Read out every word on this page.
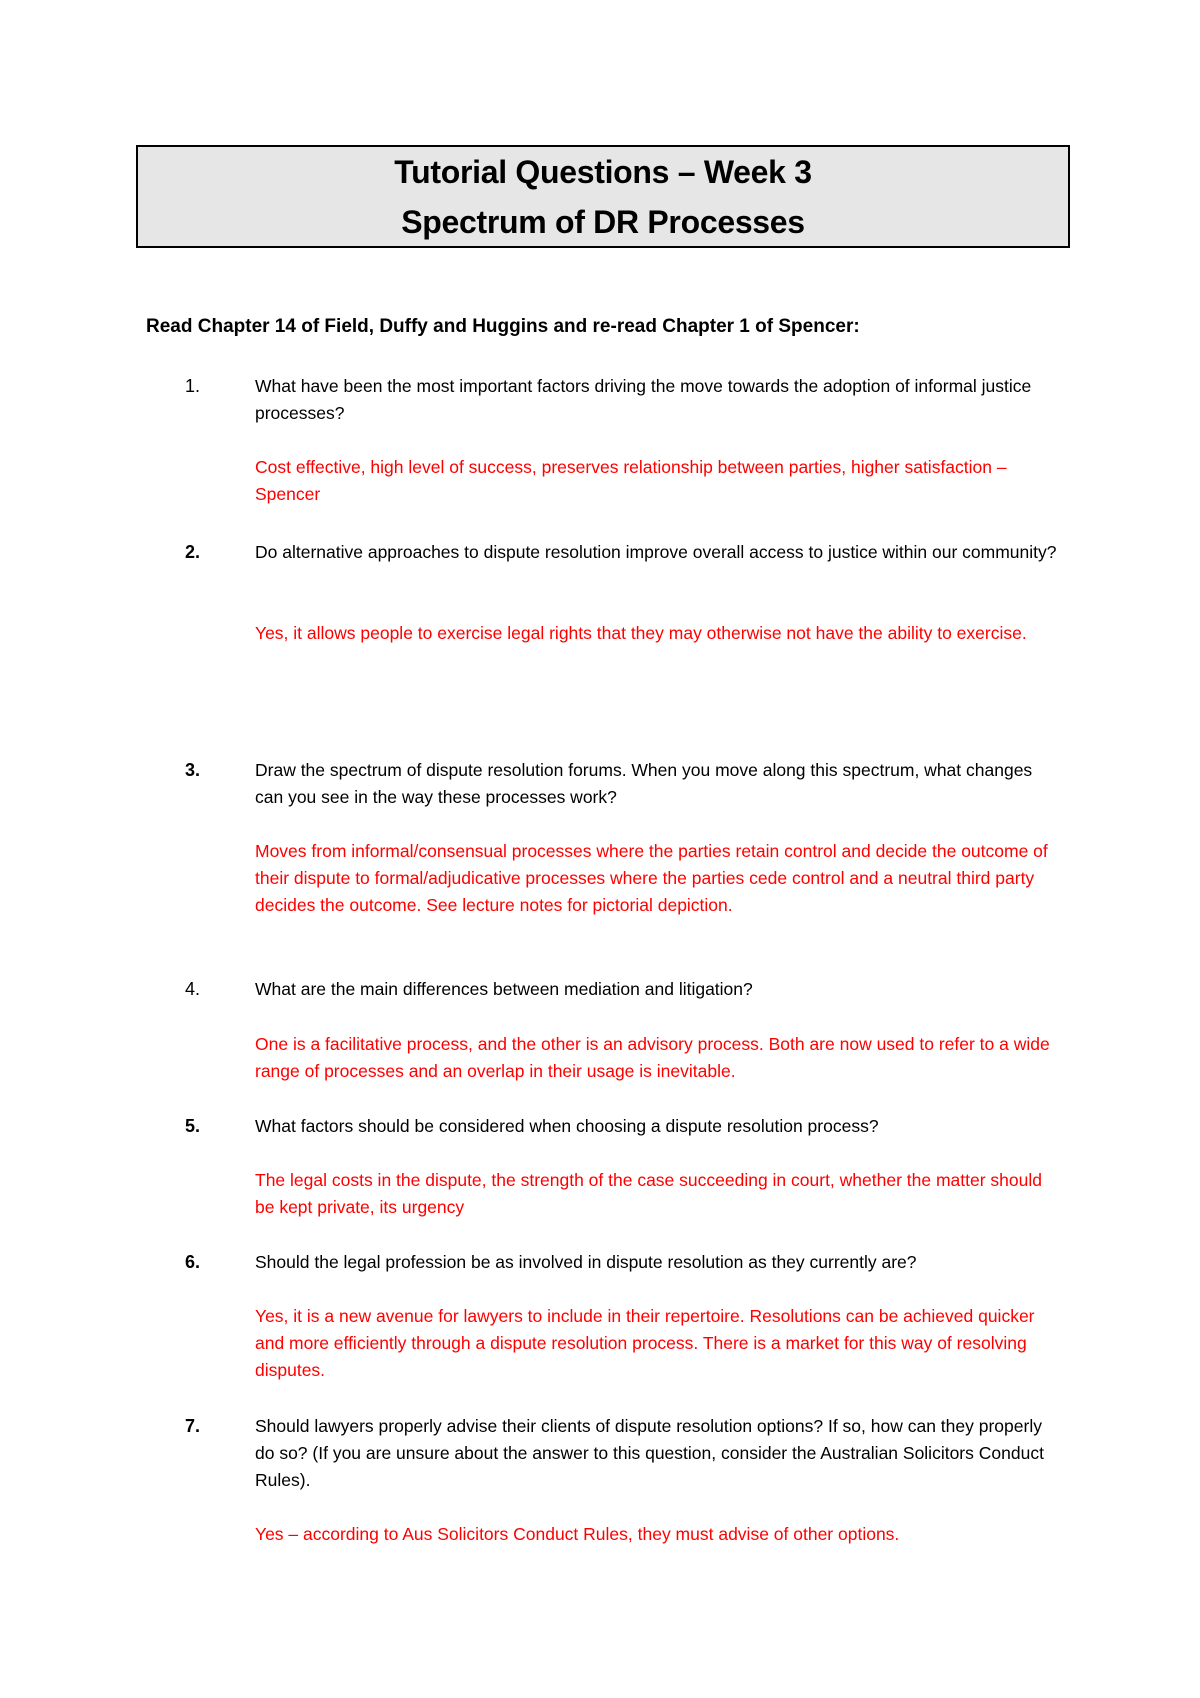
Tutorial Questions – Week 3
Spectrum of DR Processes
Read Chapter 14 of Field, Duffy and Huggins and re-read Chapter 1 of Spencer:
1.	What have been the most important factors driving the move towards the adoption of informal justice processes?
Cost effective, high level of success, preserves relationship between parties, higher satisfaction – Spencer
2.	Do alternative approaches to dispute resolution improve overall access to justice within our community?
Yes, it allows people to exercise legal rights that they may otherwise not have the ability to exercise.
3.	Draw the spectrum of dispute resolution forums. When you move along this spectrum, what changes can you see in the way these processes work?
Moves from informal/consensual processes where the parties retain control and decide the outcome of their dispute to formal/adjudicative processes where the parties cede control and a neutral third party decides the outcome. See lecture notes for pictorial depiction.
4.	What are the main differences between mediation and litigation?
One is a facilitative process, and the other is an advisory process. Both are now used to refer to a wide range of processes and an overlap in their usage is inevitable.
5.	What factors should be considered when choosing a dispute resolution process?
The legal costs in the dispute, the strength of the case succeeding in court, whether the matter should be kept private, its urgency
6.	Should the legal profession be as involved in dispute resolution as they currently are?
Yes, it is a new avenue for lawyers to include in their repertoire. Resolutions can be achieved quicker and more efficiently through a dispute resolution process. There is a market for this way of resolving disputes.
7.	Should lawyers properly advise their clients of dispute resolution options? If so, how can they properly do so? (If you are unsure about the answer to this question, consider the Australian Solicitors Conduct Rules).
Yes – according to Aus Solicitors Conduct Rules, they must advise of other options.
